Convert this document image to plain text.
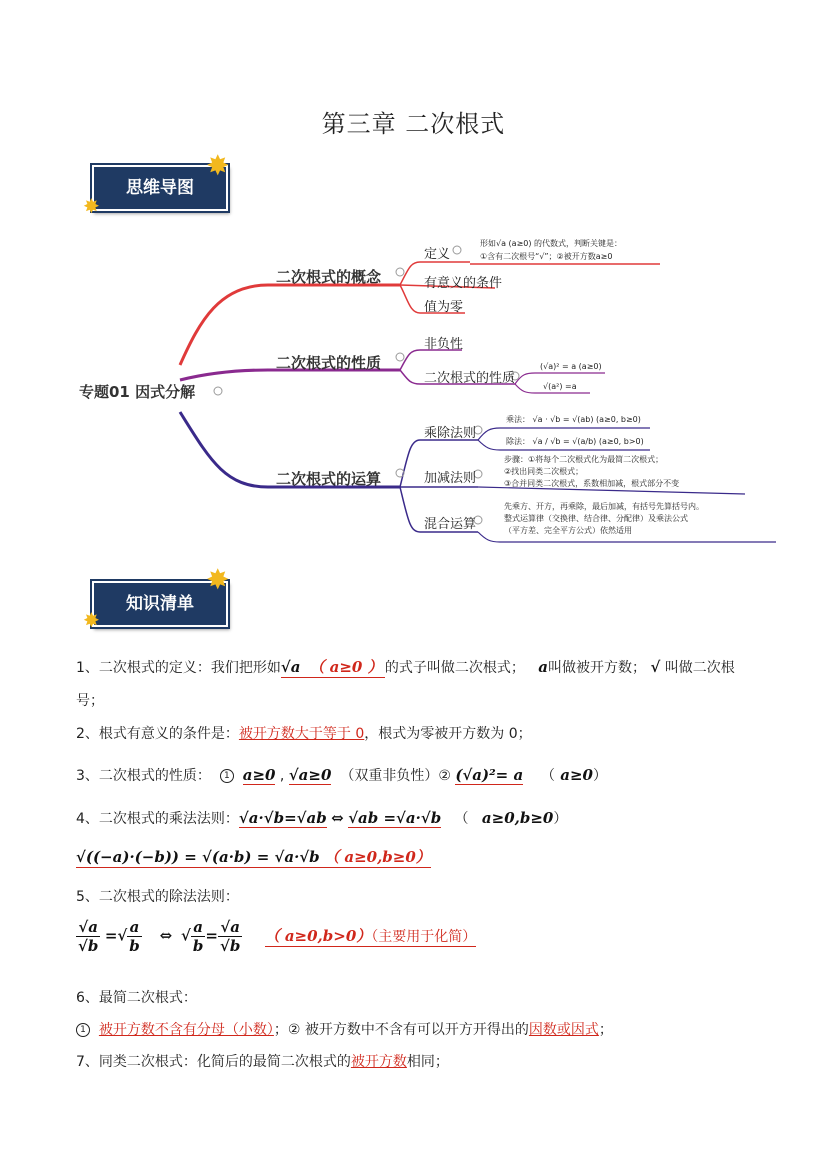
第三章 二次根式
思维导图
✸
✸
专题01 因式分解
二次根式的概念
定义
形如√a (a≥0) 的代数式，判断关键是：
①含有二次根号“√”；②被开方数a≥0
有意义的条件
值为零
二次根式的性质
非负性
二次根式的性质
(√a)² = a (a≥0)
√(a²) =a
二次根式的运算
乘除法则
乘法： √a · √b = √(ab) (a≥0, b≥0)
除法： √a / √b = √(a/b) (a≥0, b>0)
加减法则
步骤：①将每个二次根式化为最简二次根式；
②找出同类二次根式；
③合并同类二次根式，系数相加减，根式部分不变
混合运算
先乘方、开方，再乘除，最后加减，有括号先算括号内。
整式运算律（交换律、结合律、分配律）及乘法公式
（平方差、完全平方公式）依然适用
知识清单
✸
✸
1、二次根式的定义：我们把形如√a （ a≥0 ） 的式子叫做二次根式； a叫做被开方数； √ 叫做二次根
号；
2、根式有意义的条件是：被开方数大于等于 0，根式为零被开方数为 0；
3、二次根式的性质： 1 a≥0 , √a≥0 （双重非负性）② (√a)²= a    （ a≥0）
4、二次根式的乘法法则：√a·√b=√ab ⇔ √ab =√a·√b   （   a≥0,b≥0）
√((−a)·(−b)) = √(a·b) = √a·√b （ a≥0,b≥0）
5、二次根式的除法法则：
$\frac{√a}{√b}$ =√ $\frac{a}{b}$ ⇔ √ $\frac{a}{b} = \frac{√a}{√b}$ （ a≥0,b>0）（主要用于化简）
6、最简二次根式：
1 被开方数不含有分母（小数）；② 被开方数中不含有可以开方开得出的因数或因式；
7、同类二次根式：化简后的最简二次根式的被开方数相同；
